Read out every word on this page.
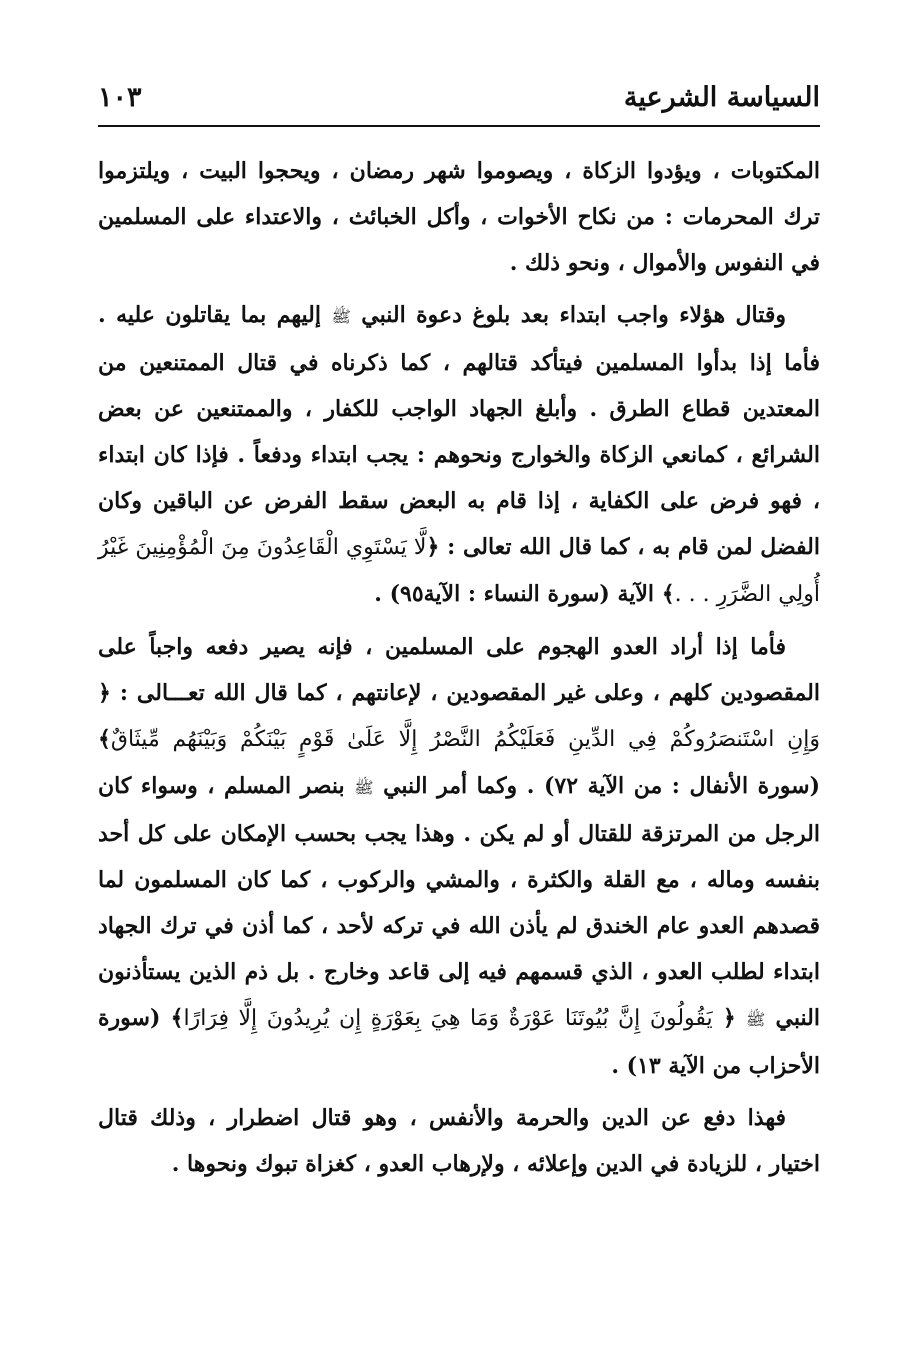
السياسة الشرعية
١٠٣

المكتوبات ، ويؤدوا الزكاة ، ويصوموا شهر رمضان ، ويحجوا البيت ، ويلتزموا ترك المحرمات : من نكاح الأخوات ، وأكل الخبائث ، والاعتداء على المسلمين في النفوس والأموال ، ونحو ذلك .

وقتال هؤلاء واجب ابتداء بعد بلوغ دعوة النبي ﷺ إليهم بما يقاتلون عليه . فأما إذا بدأوا المسلمين فيتأكد قتالهم ، كما ذكرناه في قتال الممتنعين من المعتدين قطاع الطرق . وأبلغ الجهاد الواجب للكفار ، والممتنعين عن بعض الشرائع ، كمانعي الزكاة والخوارج ونحوهم : يجب ابتداء ودفعاً . فإذا كان ابتداء ، فهو فرض على الكفاية ، إذا قام به البعض سقط الفرض عن الباقين وكان الفضل لمن قام به ، كما قال الله تعالى : ﴿لَّا يَسْتَوِي الْقَاعِدُونَ مِنَ الْمُؤْمِنِينَ غَيْرُ أُولِي الضَّرَرِ . . .﴾ الآية (سورة النساء : الآية٩٥) .

فأما إذا أراد العدو الهجوم على المسلمين ، فإنه يصير دفعه واجباً على المقصودين كلهم ، وعلى غير المقصودين ، لإعانتهم ، كما قال الله تعـــالى : ﴿ وَإِنِ اسْتَنصَرُوكُمْ فِي الدِّينِ فَعَلَيْكُمُ النَّصْرُ إِلَّا عَلَىٰ قَوْمٍ بَيْنَكُمْ وَبَيْنَهُم مِّيثَاقٌ﴾ (سورة الأنفال : من الآية ٧٢) . وكما أمر النبي ﷺ بنصر المسلم ، وسواء كان الرجل من المرتزقة للقتال أو لم يكن . وهذا يجب بحسب الإمكان على كل أحد بنفسه وماله ، مع القلة والكثرة ، والمشي والركوب ، كما كان المسلمون لما قصدهم العدو عام الخندق لم يأذن الله في تركه لأحد ، كما أذن في ترك الجهاد ابتداء لطلب العدو ، الذي قسمهم فيه إلى قاعد وخارج . بل ذم الذين يستأذنون النبي ﷺ ﴿ يَقُولُونَ إِنَّ بُيُوتَنَا عَوْرَةٌ وَمَا هِيَ بِعَوْرَةٍ إِن يُرِيدُونَ إِلَّا فِرَارًا﴾ (سورة الأحزاب من الآية ١٣) .

فهذا دفع عن الدين والحرمة والأنفس ، وهو قتال اضطرار ، وذلك قتال اختيار ، للزيادة في الدين وإعلائه ، ولإرهاب العدو ، كغزاة تبوك ونحوها .
